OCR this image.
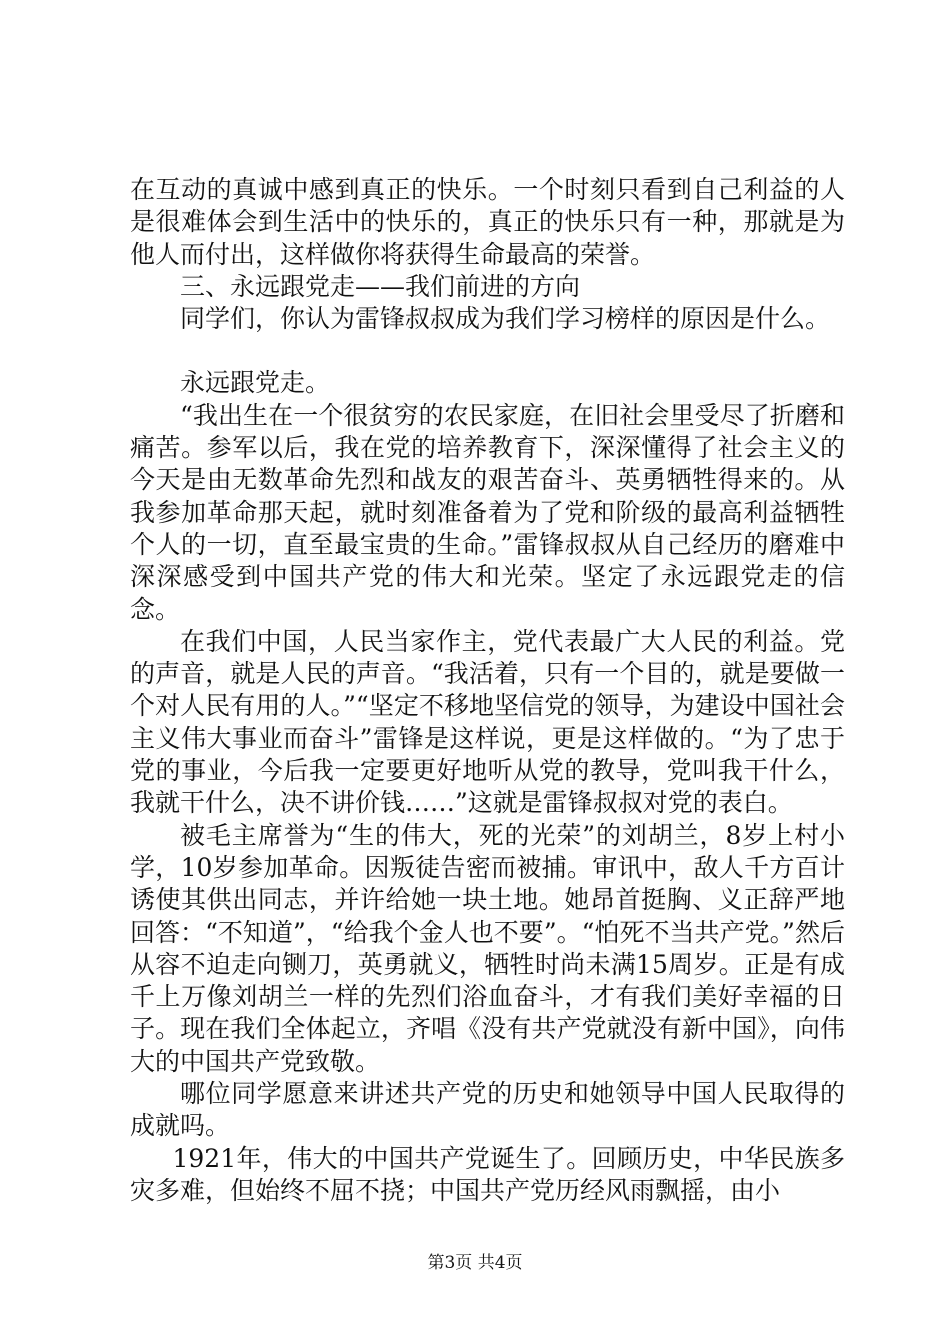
在互动的真诚中感到真正的快乐。一个时刻只看到自己利益的人是很难体会到生活中的快乐的，真正的快乐只有一种，那就是为他人而付出，这样做你将获得生命最高的荣誉。

三、永远跟党走——我们前进的方向

同学们，你认为雷锋叔叔成为我们学习榜样的原因是什么。

永远跟党走。

“我出生在一个很贫穷的农民家庭，在旧社会里受尽了折磨和痛苦。参军以后，我在党的培养教育下，深深懂得了社会主义的今天是由无数革命先烈和战友的艰苦奋斗、英勇牺牲得来的。从我参加革命那天起，就时刻准备着为了党和阶级的最高利益牺牲个人的一切，直至最宝贵的生命。”雷锋叔叔从自己经历的磨难中深深感受到中国共产党的伟大和光荣。坚定了永远跟党走的信念。

在我们中国，人民当家作主，党代表最广大人民的利益。党的声音，就是人民的声音。“我活着，只有一个目的，就是要做一个对人民有用的人。”“坚定不移地坚信党的领导，为建设中国社会主义伟大事业而奋斗”雷锋是这样说，更是这样做的。“为了忠于党的事业，今后我一定要更好地听从党的教导，党叫我干什么，我就干什么，决不讲价钱……”这就是雷锋叔叔对党的表白。

被毛主席誉为“生的伟大，死的光荣”的刘胡兰，8岁上村小学，10岁参加革命。因叛徒告密而被捕。审讯中，敌人千方百计诱使其供出同志，并许给她一块土地。她昂首挺胸、义正辞严地回答：“不知道”，“给我个金人也不要”。“怕死不当共产党。”然后从容不迫走向铡刀，英勇就义，牺牲时尚未满15周岁。正是有成千上万像刘胡兰一样的先烈们浴血奋斗，才有我们美好幸福的日子。现在我们全体起立，齐唱《没有共产党就没有新中国》，向伟大的中国共产党致敬。

哪位同学愿意来讲述共产党的历史和她领导中国人民取得的成就吗。

1921年，伟大的中国共产党诞生了。回顾历史，中华民族多灾多难，但始终不屈不挠；中国共产党历经风雨飘摇，由小

第3页 共4页
